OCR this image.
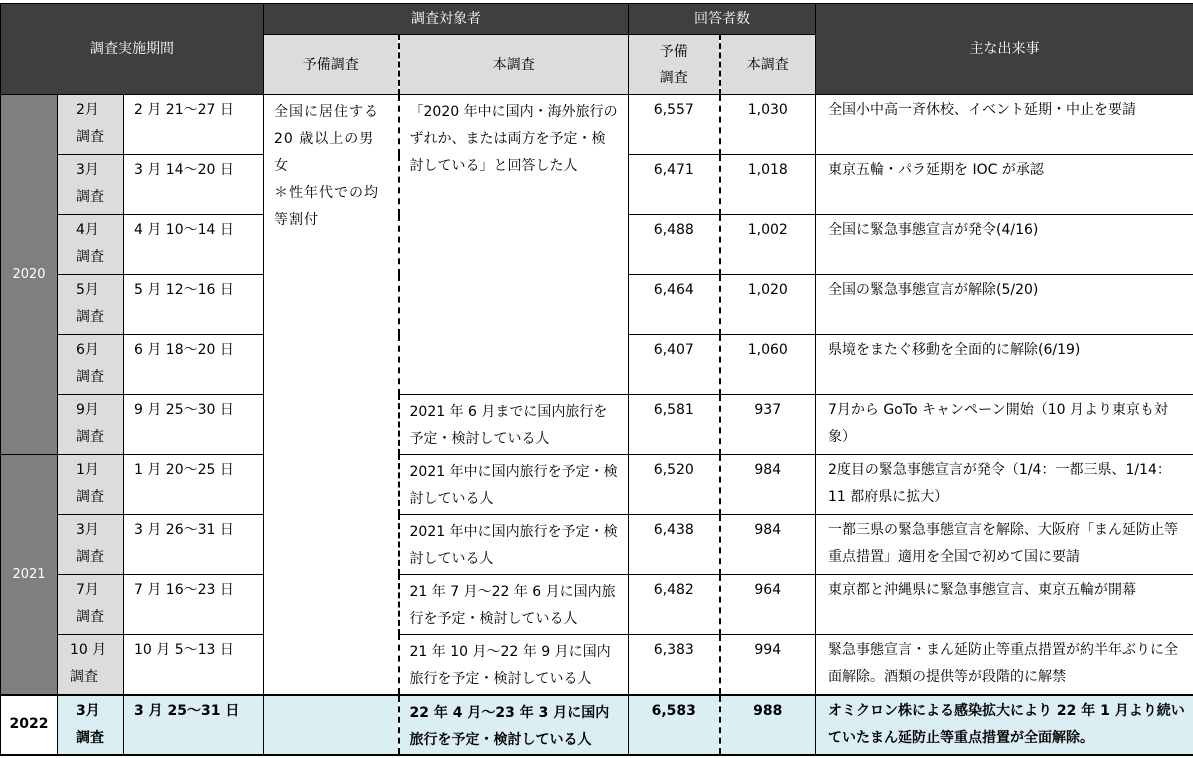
調査実施期間			調査対象者		回答者数		主な出来事
			予備調査	本調査	予備
調査	本調査	
2020	2月
調査	2 月 21～27 日	全国に居住する 20 歳以上の男女
＊性年代での均等割付	「2020 年中に国内・海外旅行のずれか、または両方を予定・検討している」と回答した人	6,557	1,030	全国小中高一斉休校、イベント延期・中止を要請
	3月
調査	3 月 14～20 日			6,471	1,018	東京五輪・パラ延期を IOC が承認
	4月
調査	4 月 10～14 日			6,488	1,002	全国に緊急事態宣言が発令(4/16)
	5月
調査	5 月 12～16 日			6,464	1,020	全国の緊急事態宣言が解除(5/20)
	6月
調査	6 月 18～20 日			6,407	1,060	県境をまたぐ移動を全面的に解除(6/19)
	9月
調査	9 月 25～30 日		2021 年 6 月までに国内旅行を予定・検討している人	6,581	937	7月から GoTo キャンペーン開始（10 月より東京も対象）
2021	1月
調査	1 月 20～25 日		2021 年中に国内旅行を予定・検討している人	6,520	984	2度目の緊急事態宣言が発令（1/4：一都三県、1/14：11 都府県に拡大）
	3月
調査	3 月 26～31 日		2021 年中に国内旅行を予定・検討している人	6,438	984	一都三県の緊急事態宣言を解除、大阪府「まん延防止等重点措置」適用を全国で初めて国に要請
	7月
調査	7 月 16～23 日		21 年 7 月～22 年 6 月に国内旅行を予定・検討している人	6,482	964	東京都と沖縄県に緊急事態宣言、東京五輪が開幕
	10 月
調査	10 月 5～13 日		21 年 10 月～22 年 9 月に国内旅行を予定・検討している人	6,383	994	緊急事態宣言・まん延防止等重点措置が約半年ぶりに全面解除。酒類の提供等が段階的に解禁
2022	3月
調査	3 月 25～31 日		22 年 4 月～23 年 3 月に国内旅行を予定・検討している人	6,583	988	オミクロン株による感染拡大により 22 年 1 月より続いていたまん延防止等重点措置が全面解除。
